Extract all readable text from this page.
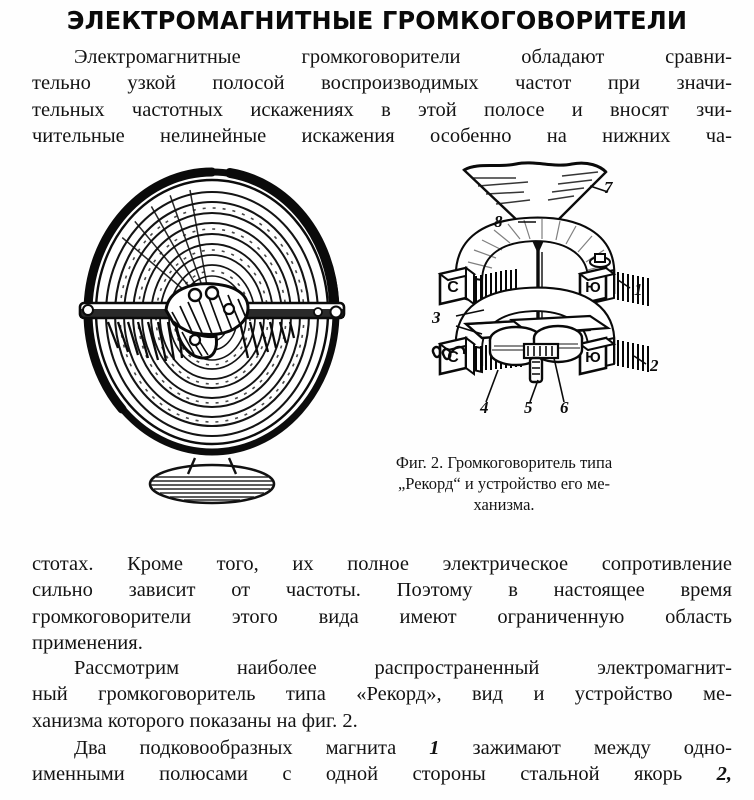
ЭЛЕКТРОМАГНИТНЫЕ ГРОМКОГОВОРИТЕЛИ
Электромагнитные	громкоговорители	обладают	сравни-
тельно узкой полосой воспроизводимых частот при значи-
тельных частотных искажениях в этой полосе и вносят зчи-
чительные нелинейные искажения особенно на нижних ча-
С	Ю
С	Ю
7
8
1
2
3
4 5 6
Фиг. 2. Громкоговоритель типа
„Рекорд“ и устройство его ме-
ханизма.
стотах. Кроме того, их полное электрическое сопротивление
сильно зависит от частоты. Поэтому в настоящее время
громкоговорители этого вида имеют ограниченную область
применения.
Рассмотрим	наиболее	распространенный	электромагнит-
ный громкоговоритель типа «Рекорд», вид и устройство ме-
ханизма которого показаны на фиг. 2.
Два подковообразных магнита 1 зажимают между одно-
именными полюсами с одной стороны стальной якорь 2,
